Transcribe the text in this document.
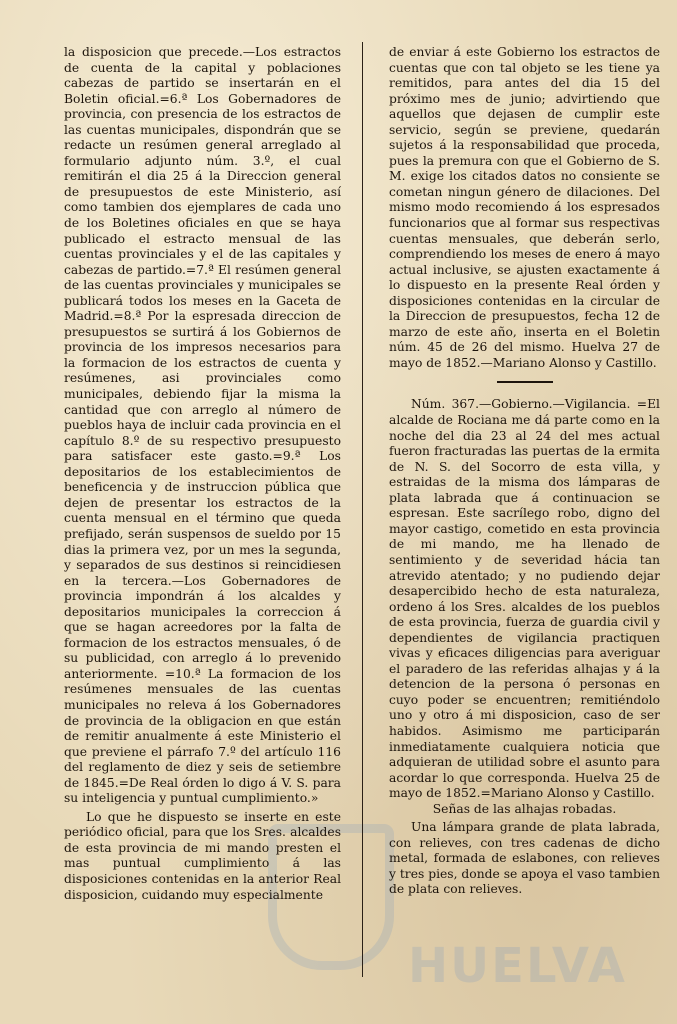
HUELVA

la disposicion que precede.—Los estractos de cuenta de la capital y poblaciones cabezas de partido se insertarán en el Boletin oficial.=6.ª Los Gobernadores de provincia, con presencia de los estractos de las cuentas municipales, dispondrán que se redacte un resúmen general arreglado al formulario adjunto núm. 3.º, el cual remitirán el dia 25 á la Direccion general de presupuestos de este Ministerio, así como tambien dos ejemplares de cada uno de los Boletines oficiales en que se haya publicado el estracto mensual de las cuentas provinciales y el de las capitales y cabezas de partido.=7.ª El resúmen general de las cuentas provinciales y municipales se publicará todos los meses en la Gaceta de Madrid.=8.ª Por la espresada direccion de presupuestos se surtirá á los Gobiernos de provincia de los impresos necesarios para la formacion de los estractos de cuenta y resúmenes, asi provinciales como municipales, debiendo fijar la misma la cantidad que con arreglo al número de pueblos haya de incluir cada provincia en el capítulo 8.º de su respectivo presupuesto para satisfacer este gasto.=9.ª Los depositarios de los establecimientos de beneficencia y de instruccion pública que dejen de presentar los estractos de la cuenta mensual en el término que queda prefijado, serán suspensos de sueldo por 15 dias la primera vez, por un mes la segunda, y separados de sus destinos si reincidiesen en la tercera.—Los Gobernadores de provincia impondrán á los alcaldes y depositarios municipales la correccion á que se hagan acreedores por la falta de formacion de los estractos mensuales, ó de su publicidad, con arreglo á lo prevenido anteriormente. =10.ª La formacion de los resúmenes mensuales de las cuentas municipales no releva á los Gobernadores de provincia de la obligacion en que están de remitir anualmente á este Ministerio el que previene el párrafo 7.º del artículo 116 del reglamento de diez y seis de setiembre de 1845.=De Real órden lo digo á V. S. para su inteligencia y puntual cumplimiento.»

Lo que he dispuesto se inserte en este periódico oficial, para que los Sres. alcaldes de esta provincia de mi mando presten el mas puntual cumplimiento á las disposiciones contenidas en la anterior Real disposicion, cuidando muy especialmente

de enviar á este Gobierno los estractos de cuentas que con tal objeto se les tiene ya remitidos, para antes del dia 15 del próximo mes de junio; advirtiendo que aquellos que dejasen de cumplir este servicio, según se previene, quedarán sujetos á la responsabilidad que proceda, pues la premura con que el Gobierno de S. M. exige los citados datos no consiente se cometan ningun género de dilaciones. Del mismo modo recomiendo á los espresados funcionarios que al formar sus respectivas cuentas mensuales, que deberán serlo, comprendiendo los meses de enero á mayo actual inclusive, se ajusten exactamente á lo dispuesto en la presente Real órden y disposiciones contenidas en la circular de la Direccion de presupuestos, fecha 12 de marzo de este año, inserta en el Boletin núm. 45 de 26 del mismo. Huelva 27 de mayo de 1852.—Mariano Alonso y Castillo.

Núm. 367.—Gobierno.—Vigilancia. =El alcalde de Rociana me dá parte como en la noche del dia 23 al 24 del mes actual fueron fracturadas las puertas de la ermita de N. S. del Socorro de esta villa, y estraidas de la misma dos lámparas de plata labrada que á continuacion se espresan. Este sacrílego robo, digno del mayor castigo, cometido en esta provincia de mi mando, me ha llenado de sentimiento y de severidad hácia tan atrevido atentado; y no pudiendo dejar desapercibido hecho de esta naturaleza, ordeno á los Sres. alcaldes de los pueblos de esta provincia, fuerza de guardia civil y dependientes de vigilancia practiquen vivas y eficaces diligencias para averiguar el paradero de las referidas alhajas y á la detencion de la persona ó personas en cuyo poder se encuentren; remitiéndolo uno y otro á mi disposicion, caso de ser habidos. Asimismo me participarán inmediatamente cualquiera noticia que adquieran de utilidad sobre el asunto para acordar lo que corresponda. Huelva 25 de mayo de 1852.=Mariano Alonso y Castillo.

Señas de las alhajas robadas.

Una lámpara grande de plata labrada, con relieves, con tres cadenas de dicho metal, formada de eslabones, con relieves y tres pies, donde se apoya el vaso tambien de plata con relieves.
